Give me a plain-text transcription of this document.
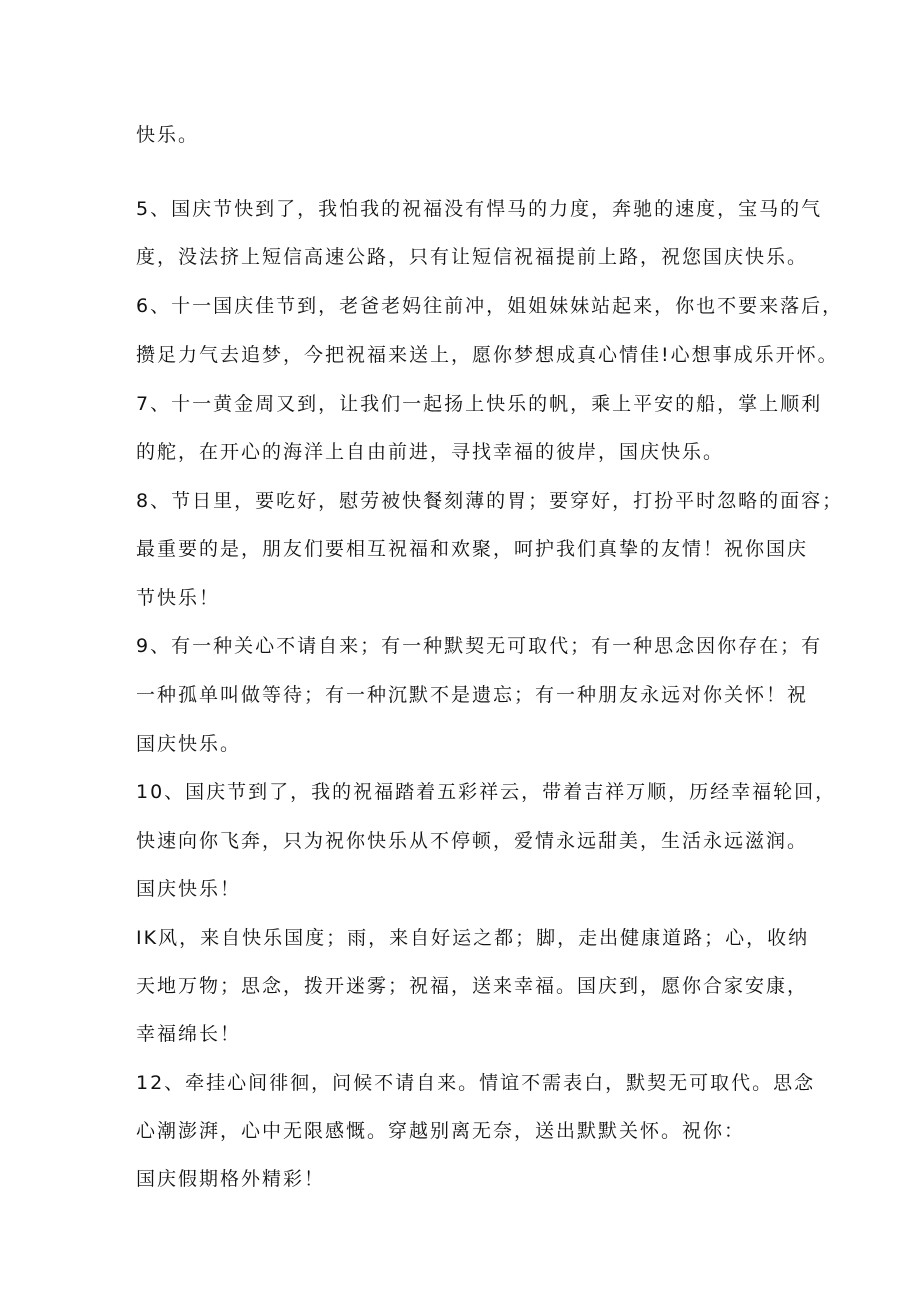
快乐。
5、国庆节快到了，我怕我的祝福没有悍马的力度，奔驰的速度，宝马的气
度，没法挤上短信高速公路，只有让短信祝福提前上路，祝您国庆快乐。
6、十一国庆佳节到，老爸老妈往前冲，姐姐妹妹站起来，你也不要来落后，
攒足力气去追梦，今把祝福来送上，愿你梦想成真心情佳!心想事成乐开怀。
7、十一黄金周又到，让我们一起扬上快乐的帆，乘上平安的船，掌上顺利
的舵，在开心的海洋上自由前进，寻找幸福的彼岸，国庆快乐。
8、节日里，要吃好，慰劳被快餐刻薄的胃；要穿好，打扮平时忽略的面容；
最重要的是，朋友们要相互祝福和欢聚，呵护我们真挚的友情！祝你国庆
节快乐！
9、有一种关心不请自来；有一种默契无可取代；有一种思念因你存在；有
一种孤单叫做等待；有一种沉默不是遗忘；有一种朋友永远对你关怀！祝
国庆快乐。
10、国庆节到了，我的祝福踏着五彩祥云，带着吉祥万顺，历经幸福轮回，
快速向你飞奔，只为祝你快乐从不停顿，爱情永远甜美，生活永远滋润。
国庆快乐！
IK风，来自快乐国度；雨，来自好运之都；脚，走出健康道路；心，收纳
天地万物；思念，拨开迷雾；祝福，送来幸福。国庆到，愿你合家安康，
幸福绵长！
12、牵挂心间徘徊，问候不请自来。情谊不需表白，默契无可取代。思念
心潮澎湃，心中无限感慨。穿越别离无奈，送出默默关怀。祝你：
国庆假期格外精彩！
